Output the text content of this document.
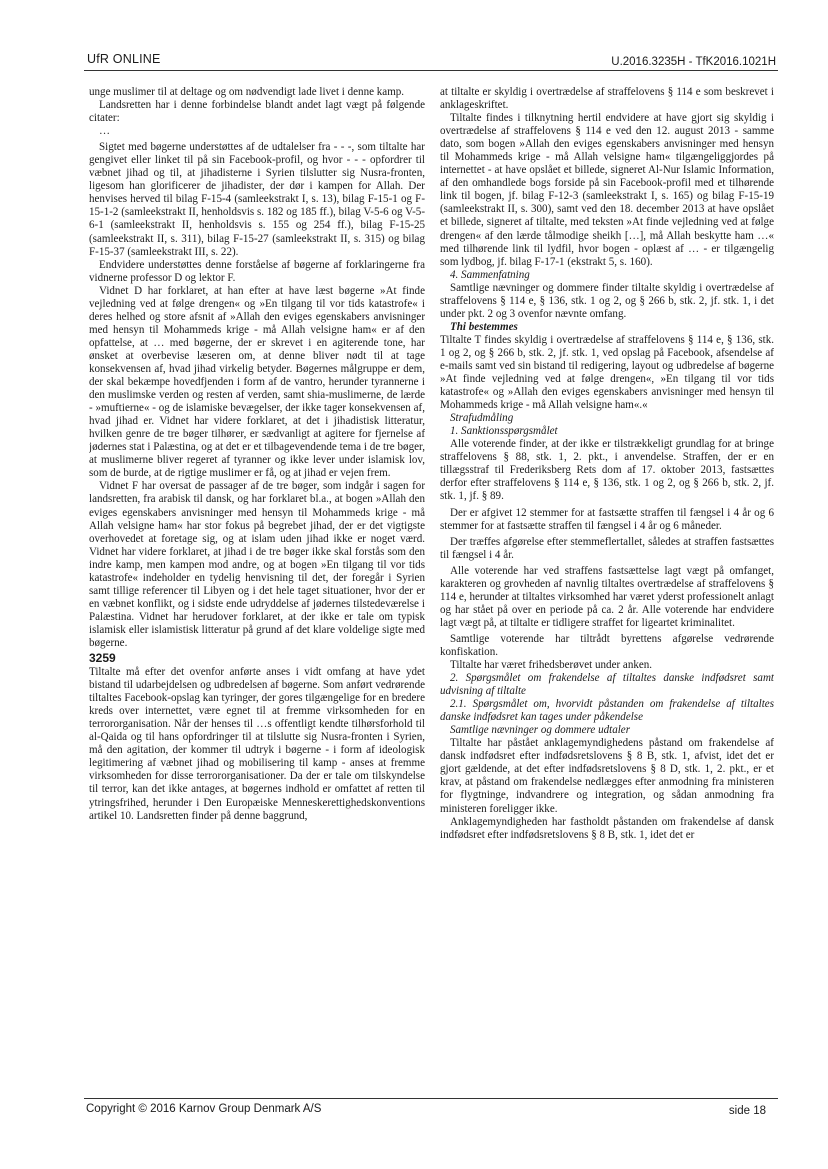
UfR ONLINE	U.2016.3235H - TfK2016.1021H

unge muslimer til at deltage og om nødvendigt lade livet i denne kamp.

Landsretten har i denne forbindelse blandt andet lagt vægt på følgende citater:

…

Sigtet med bøgerne understøttes af de udtalelser fra - - -, som tiltalte har gengivet eller linket til på sin Facebook-profil, og hvor - - - opfordrer til væbnet jihad og til, at jihadisterne i Syrien tilslutter sig Nusra-fronten, ligesom han glorificerer de jihadister, der dør i kampen for Allah. Der henvises herved til bilag F-15-4 (samleekstrakt I, s. 13), bilag F-15-1 og F-15-1-2 (samleekstrakt II, henholdsvis s. 182 og 185 ff.), bilag V-5-6 og V-5-6-1 (samleekstrakt II, henholdsvis s. 155 og 254 ff.), bilag F-15-25 (samleekstrakt II, s. 311), bilag F-15-27 (samleekstrakt II, s. 315) og bilag F-15-37 (samleekstrakt III, s. 22).

Endvidere understøttes denne forståelse af bøgerne af forklaringerne fra vidnerne professor D og lektor F.

Vidnet D har forklaret, at han efter at have læst bøgerne »At finde vejledning ved at følge drengen« og »En tilgang til vor tids katastrofe« i deres helhed og store afsnit af »Allah den eviges egenskabers anvisninger med hensyn til Mohammeds krige - må Allah velsigne ham« er af den opfattelse, at … med bøgerne, der er skrevet i en agiterende tone, har ønsket at overbevise læseren om, at denne bliver nødt til at tage konsekvensen af, hvad jihad virkelig betyder. Bøgernes målgruppe er dem, der skal bekæmpe hovedfjenden i form af de vantro, herunder tyrannerne i den muslimske verden og resten af verden, samt shia-muslimerne, de lærde - »muftierne« - og de islamiske bevægelser, der ikke tager konsekvensen af, hvad jihad er. Vidnet har videre forklaret, at det i jihadistisk litteratur, hvilken genre de tre bøger tilhører, er sædvanligt at agitere for fjernelse af jødernes stat i Palæstina, og at det er et tilbagevendende tema i de tre bøger, at muslimerne bliver regeret af tyranner og ikke lever under islamisk lov, som de burde, at de rigtige muslimer er få, og at jihad er vejen frem.

Vidnet F har oversat de passager af de tre bøger, som indgår i sagen for landsretten, fra arabisk til dansk, og har forklaret bl.a., at bogen »Allah den eviges egenskabers anvisninger med hensyn til Mohammeds krige - må Allah velsigne ham« har stor fokus på begrebet jihad, der er det vigtigste overhovedet at foretage sig, og at islam uden jihad ikke er noget værd. Vidnet har videre forklaret, at jihad i de tre bøger ikke skal forstås som den indre kamp, men kampen mod andre, og at bogen »En tilgang til vor tids katastrofe« indeholder en tydelig henvisning til det, der foregår i Syrien samt tillige referencer til Libyen og i det hele taget situationer, hvor der er en væbnet konflikt, og i sidste ende udryddelse af jødernes tilstedeværelse i Palæstina. Vidnet har herudover forklaret, at der ikke er tale om typisk islamisk eller islamistisk litteratur på grund af det klare voldelige sigte med bøgerne.

3259

Tiltalte må efter det ovenfor anførte anses i vidt omfang at have ydet bistand til udarbejdelsen og udbredelsen af bøgerne. Som anført vedrørende tiltaltes Facebook-opslag kan tyringer, der gores tilgængelige for en bredere kreds over internettet, være egnet til at fremme virksomheden for en terrororganisation. Når der henses til …s offentligt kendte tilhørsforhold til al-Qaida og til hans opfordringer til at tilslutte sig Nusra-fronten i Syrien, må den agitation, der kommer til udtryk i bøgerne - i form af ideologisk legitimering af væbnet jihad og mobilisering til kamp - anses at fremme virksomheden for disse terrororganisationer. Da der er tale om tilskyndelse til terror, kan det ikke antages, at bøgernes indhold er omfattet af retten til ytringsfrihed, herunder i Den Europæiske Menneskerettighedskonventions artikel 10. Landsretten finder på denne baggrund,

at tiltalte er skyldig i overtrædelse af straffelovens § 114 e som beskrevet i anklageskriftet.

Tiltalte findes i tilknytning hertil endvidere at have gjort sig skyldig i overtrædelse af straffelovens § 114 e ved den 12. august 2013 - samme dato, som bogen »Allah den eviges egenskabers anvisninger med hensyn til Mohammeds krige - må Allah velsigne ham« tilgængeliggjordes på internettet - at have opslået et billede, signeret Al-Nur Islamic Information, af den omhandlede bogs forside på sin Facebook-profil med et tilhørende link til bogen, jf. bilag F-12-3 (samleekstrakt I, s. 165) og bilag F-15-19 (samleekstrakt II, s. 300), samt ved den 18. december 2013 at have opslået et billede, signeret af tiltalte, med teksten »At finde vejledning ved at følge drengen« af den lærde tålmodige sheikh […], må Allah beskytte ham …« med tilhørende link til lydfil, hvor bogen - oplæst af … - er tilgængelig som lydbog, jf. bilag F-17-1 (ekstrakt 5, s. 160).

4. Sammenfatning

Samtlige nævninger og dommere finder tiltalte skyldig i overtrædelse af straffelovens § 114 e, § 136, stk. 1 og 2, og § 266 b, stk. 2, jf. stk. 1, i det under pkt. 2 og 3 ovenfor nævnte omfang.

Thi bestemmes

Tiltalte T findes skyldig i overtrædelse af straffelovens § 114 e, § 136, stk. 1 og 2, og § 266 b, stk. 2, jf. stk. 1, ved opslag på Facebook, afsendelse af e-mails samt ved sin bistand til redigering, layout og udbredelse af bøgerne »At finde vejledning ved at følge drengen«, »En tilgang til vor tids katastrofe« og »Allah den eviges egenskabers anvisninger med hensyn til Mohammeds krige - må Allah velsigne ham«.«

Strafudmåling

1. Sanktionsspørgsmålet

Alle voterende finder, at der ikke er tilstrækkeligt grundlag for at bringe straffelovens § 88, stk. 1, 2. pkt., i anvendelse. Straffen, der er en tillægsstraf til Frederiksberg Rets dom af 17. oktober 2013, fastsættes derfor efter straffelovens § 114 e, § 136, stk. 1 og 2, og § 266 b, stk. 2, jf. stk. 1, jf. § 89.

Der er afgivet 12 stemmer for at fastsætte straffen til fængsel i 4 år og 6 stemmer for at fastsætte straffen til fængsel i 4 år og 6 måneder.

Der træffes afgørelse efter stemmeflertallet, således at straffen fastsættes til fængsel i 4 år.

Alle voterende har ved straffens fastsættelse lagt vægt på omfanget, karakteren og grovheden af navnlig tiltaltes overtrædelse af straffelovens § 114 e, herunder at tiltaltes virksomhed har været yderst professionelt anlagt og har stået på over en periode på ca. 2 år. Alle voterende har endvidere lagt vægt på, at tiltalte er tidligere straffet for ligeartet kriminalitet.

Samtlige voterende har tiltrådt byrettens afgørelse vedrørende konfiskation.

Tiltalte har været frihedsberøvet under anken.

2. Spørgsmålet om frakendelse af tiltaltes danske indfødsret samt udvisning af tiltalte

2.1. Spørgsmålet om, hvorvidt påstanden om frakendelse af tiltaltes danske indfødsret kan tages under påkendelse

Samtlige nævninger og dommere udtaler

Tiltalte har påstået anklagemyndighedens påstand om frakendelse af dansk indfødsret efter indfødsretslovens § 8 B, stk. 1, afvist, idet det er gjort gældende, at det efter indfødsretslovens § 8 D, stk. 1, 2. pkt., er et krav, at påstand om frakendelse nedlægges efter anmodning fra ministeren for flygtninge, indvandrere og integration, og sådan anmodning fra ministeren foreligger ikke.

Anklagemyndigheden har fastholdt påstanden om frakendelse af dansk indfødsret efter indfødsretslovens § 8 B, stk. 1, idet det er

Copyright © 2016 Karnov Group Denmark A/S	side 18
